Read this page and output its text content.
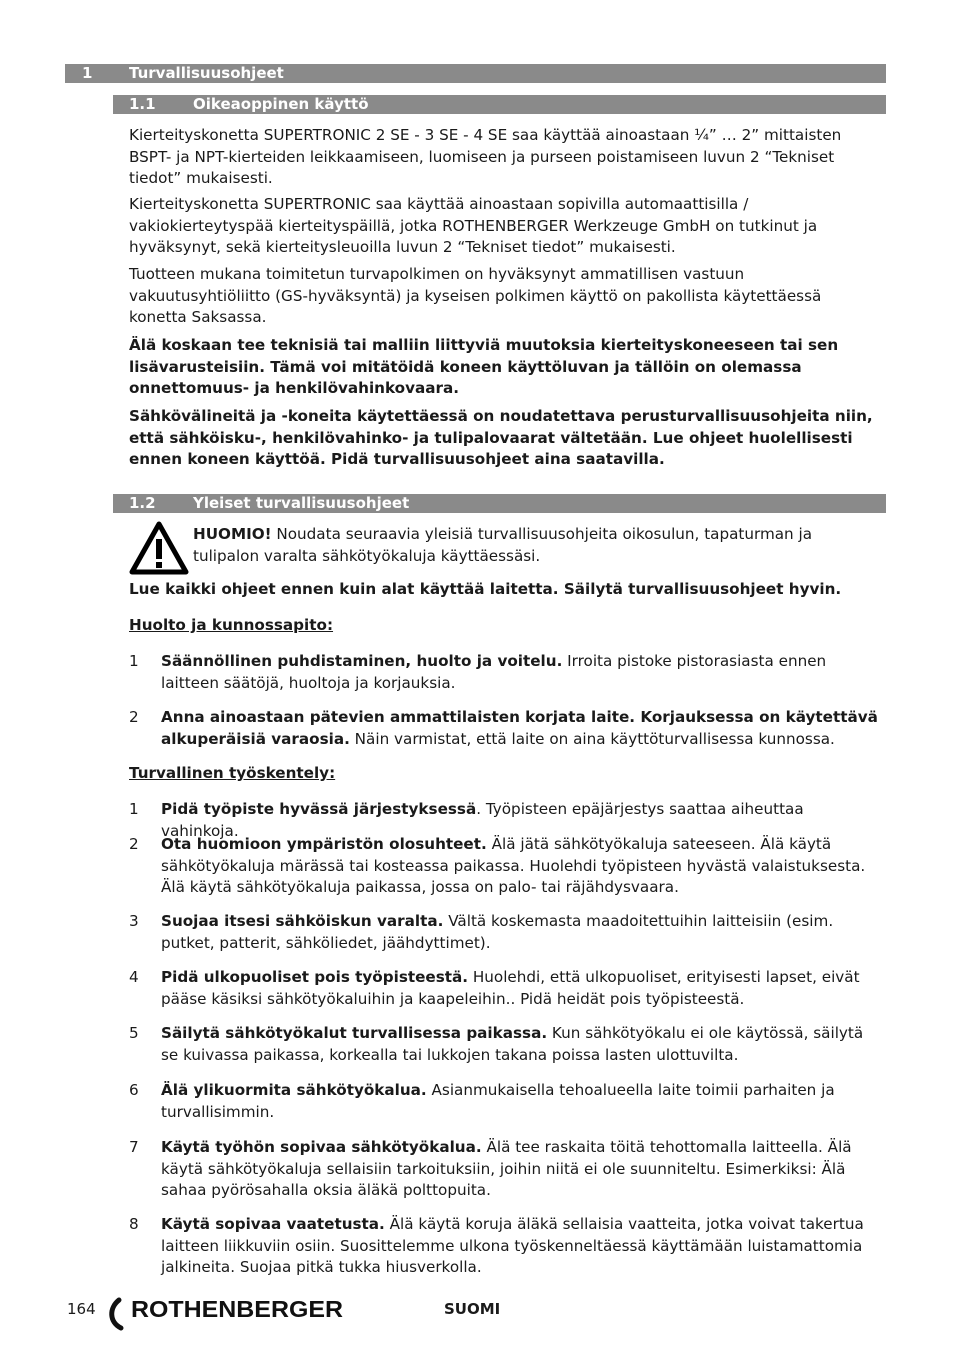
1 Turvallisuusohjeet
1.1 Oikeaoppinen käyttö

Kierteityskonetta SUPERTRONIC 2 SE - 3 SE - 4 SE saa käyttää ainoastaan ¼” … 2” mittaisten BSPT- ja NPT-kierteiden leikkaamiseen, luomiseen ja purseen poistamiseen luvun 2 “Tekniset tiedot” mukaisesti.

Kierteityskonetta SUPERTRONIC saa käyttää ainoastaan sopivilla automaattisilla / vakiokierteytyspää kierteityspäillä, jotka ROTHENBERGER Werkzeuge GmbH on tutkinut ja hyväksynyt, sekä kierteitysleuoilla luvun 2 “Tekniset tiedot” mukaisesti.

Tuotteen mukana toimitetun turvapolkimen on hyväksynyt ammatillisen vastuun vakuutusyhtiöliitto (GS-hyväksyntä) ja kyseisen polkimen käyttö on pakollista käytettäessä konetta Saksassa.

Älä koskaan tee teknisiä tai malliin liittyviä muutoksia kierteityskoneeseen tai sen lisävarusteisiin. Tämä voi mitätöidä koneen käyttöluvan ja tällöin on olemassa onnettomuus- ja henkilövahinkovaara.

Sähkövälineitä ja -koneita käytettäessä on noudatettava perusturvallisuusohjeita niin, että sähköisku-, henkilövahinko- ja tulipalovaarat vältetään. Lue ohjeet huolellisesti ennen koneen käyttöä. Pidä turvallisuusohjeet aina saatavilla.

1.2 Yleiset turvallisuusohjeet

HUOMIO! Noudata seuraavia yleisiä turvallisuusohjeita oikosulun, tapaturman ja tulipalon varalta sähkötyökaluja käyttäessäsi.

Lue kaikki ohjeet ennen kuin alat käyttää laitetta. Säilytä turvallisuusohjeet hyvin.

Huolto ja kunnossapito:

1 Säännöllinen puhdistaminen, huolto ja voitelu. Irroita pistoke pistorasiasta ennen laitteen säätöjä, huoltoja ja korjauksia.
2 Anna ainoastaan pätevien ammattilaisten korjata laite. Korjauksessa on käytettävä alkuperäisiä varaosia. Näin varmistat, että laite on aina käyttöturvallisessa kunnossa.

Turvallinen työskentely:

1 Pidä työpiste hyvässä järjestyksessä. Työpisteen epäjärjestys saattaa aiheuttaa vahinkoja.
2 Ota huomioon ympäristön olosuhteet. Älä jätä sähkötyökaluja sateeseen. Älä käytä sähkötyökaluja märässä tai kosteassa paikassa. Huolehdi työpisteen hyvästä valaistuksesta. Älä käytä sähkötyökaluja paikassa, jossa on palo- tai räjähdysvaara.
3 Suojaa itsesi sähköiskun varalta. Vältä koskemasta maadoitettuihin laitteisiin (esim. putket, patterit, sähköliedet, jäähdyttimet).
4 Pidä ulkopuoliset pois työpisteestä. Huolehdi, että ulkopuoliset, erityisesti lapset, eivät pääse käsiksi sähkötyökaluihin ja kaapeleihin.. Pidä heidät pois työpisteestä.
5 Säilytä sähkötyökalut turvallisessa paikassa. Kun sähkötyökalu ei ole käytössä, säilytä se kuivassa paikassa, korkealla tai lukkojen takana poissa lasten ulottuvilta.
6 Älä ylikuormita sähkötyökalua. Asianmukaisella tehoalueella laite toimii parhaiten ja turvallisimmin.
7 Käytä työhön sopivaa sähkötyökalua. Älä tee raskaita töitä tehottomalla laitteella. Älä käytä sähkötyökaluja sellaisiin tarkoituksiin, joihin niitä ei ole suunniteltu. Esimerkiksi: Älä sahaa pyörösahalla oksia äläkä polttopuita.
8 Käytä sopivaa vaatetusta. Älä käytä koruja äläkä sellaisia vaatteita, jotka voivat takertua laitteen liikkuviin osiin. Suosittelemme ulkona työskenneltäessä käyttämään luistamattomia jalkineita. Suojaa pitkä tukka hiusverkolla.
164 ROTHENBERGER	SUOMI
